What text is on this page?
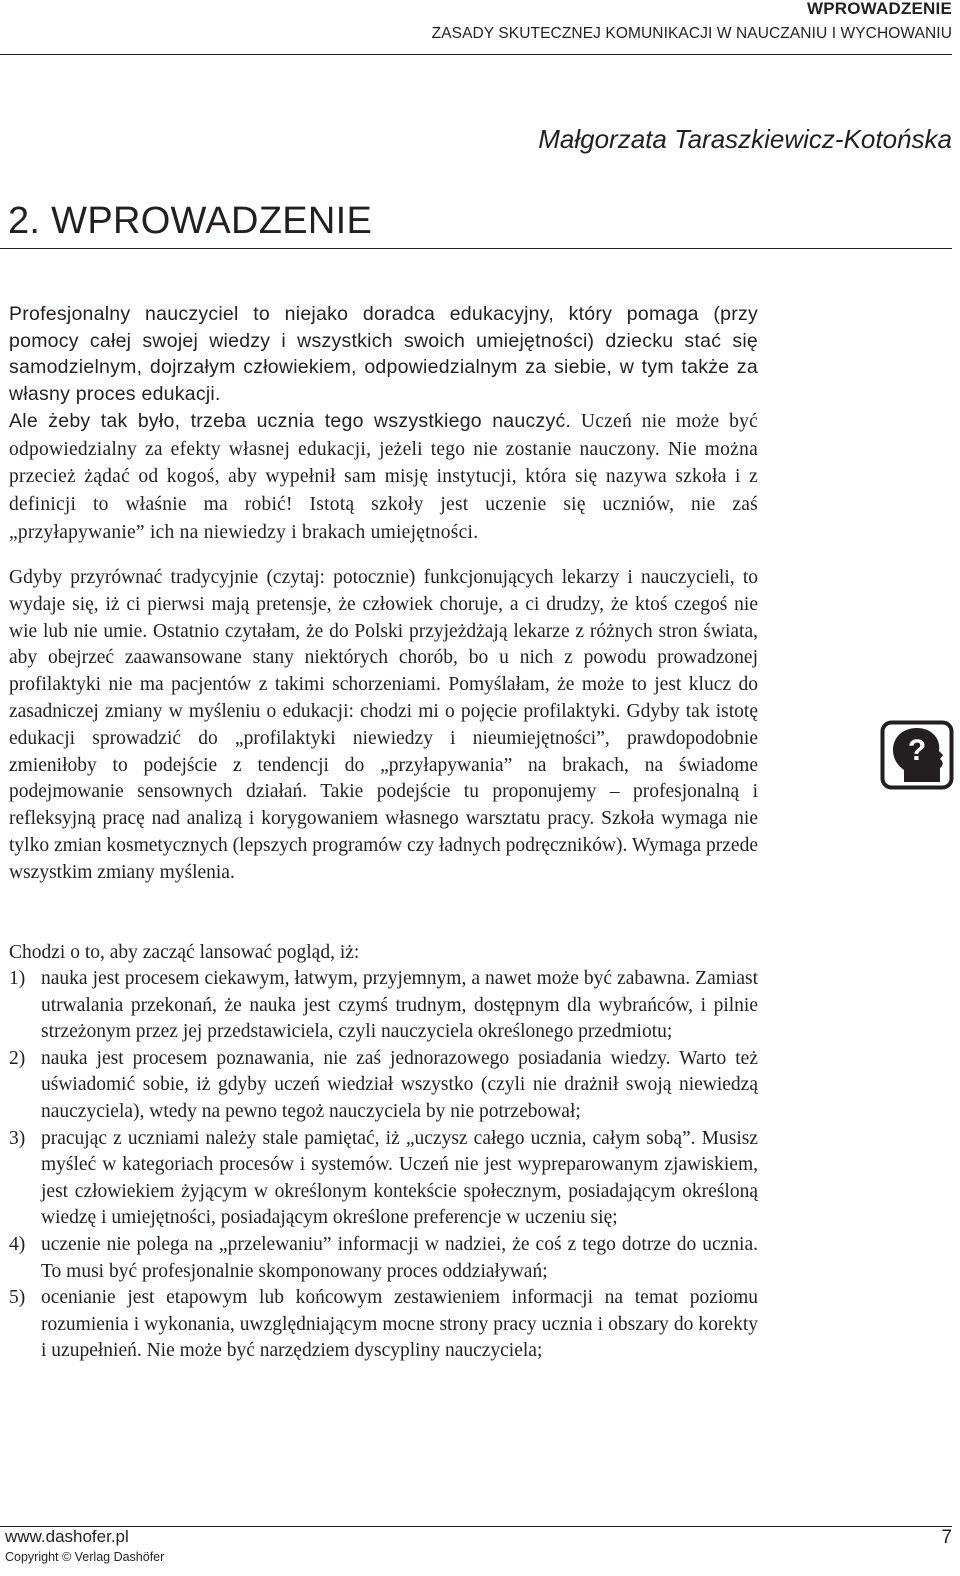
WPROWADZENIE
ZASADY SKUTECZNEJ KOMUNIKACJI W NAUCZANIU I WYCHOWANIU
Małgorzata Taraszkiewicz-Kotońska
2. WPROWADZENIE

Profesjonalny nauczyciel to niejako doradca edukacyjny, który pomaga (przy pomocy całej swojej wiedzy i wszystkich swoich umiejętności) dziecku stać się samodzielnym, dojrzałym człowiekiem, odpowiedzialnym za siebie, w tym także za własny proces edukacji.

Ale żeby tak było, trzeba ucznia tego wszystkiego nauczyć. Uczeń nie może być odpowiedzialny za efekty własnej edukacji, jeżeli tego nie zostanie nauczony. Nie można przecież żądać od kogoś, aby wypełnił sam misję instytucji, która się nazywa szkoła i z definicji to właśnie ma robić! Istotą szkoły jest uczenie się uczniów, nie zaś „przyłapywanie” ich na niewiedzy i brakach umiejętności.

Gdyby przyrównać tradycyjnie (czytaj: potocznie) funkcjonujących lekarzy i nauczycieli, to wydaje się, iż ci pierwsi mają pretensje, że człowiek choruje, a ci drudzy, że ktoś czegoś nie wie lub nie umie. Ostatnio czytałam, że do Polski przyjeżdżają lekarze z różnych stron świata, aby obejrzeć zaawansowane stany niektórych chorób, bo u nich z powodu prowadzonej profilaktyki nie ma pacjentów z takimi schorzeniami. Pomyślałam, że może to jest klucz do zasadniczej zmiany w myśleniu o edukacji: chodzi mi o pojęcie profilaktyki. Gdyby tak istotę edukacji sprowadzić do „profilaktyki niewiedzy i nieumiejętności”, prawdopodobnie zmieniłoby to podejście z tendencji do „przyłapywania” na brakach, na świadome podejmowanie sensownych działań. Takie podejście tu proponujemy – profesjonalną i refleksyjną pracę nad analizą i korygowaniem własnego warsztatu pracy. Szkoła wymaga nie tylko zmian kosmetycznych (lepszych programów czy ładnych podręczników). Wymaga przede wszystkim zmiany myślenia.

Chodzi o to, aby zacząć lansować pogląd, iż:

1) nauka jest procesem ciekawym, łatwym, przyjemnym, a nawet może być zabawna. Zamiast utrwalania przekonań, że nauka jest czymś trudnym, dostępnym dla wybrańców, i pilnie strzeżonym przez jej przedstawiciela, czyli nauczyciela określonego przedmiotu;
2) nauka jest procesem poznawania, nie zaś jednorazowego posiadania wiedzy. Warto też uświadomić sobie, iż gdyby uczeń wiedział wszystko (czyli nie drażnił swoją niewiedzą nauczyciela), wtedy na pewno tegoż nauczyciela by nie potrzebował;
3) pracując z uczniami należy stale pamiętać, iż „uczysz całego ucznia, całym sobą”. Musisz myśleć w kategoriach procesów i systemów. Uczeń nie jest wypreparowanym zjawiskiem, jest człowiekiem żyjącym w określonym kontekście społecznym, posiadającym określoną wiedzę i umiejętności, posiadającym określone preferencje w uczeniu się;
4) uczenie nie polega na „przelewaniu” informacji w nadziei, że coś z tego dotrze do ucznia. To musi być profesjonalnie skomponowany proces oddziaływań;
5) ocenianie jest etapowym lub końcowym zestawieniem informacji na temat poziomu rozumienia i wykonania, uwzględniającym mocne strony pracy ucznia i obszary do korekty i uzupełnień. Nie może być narzędziem dyscypliny nauczyciela;
?
www.dashofer.pl
Copyright © Verlag Dashöfer
7
